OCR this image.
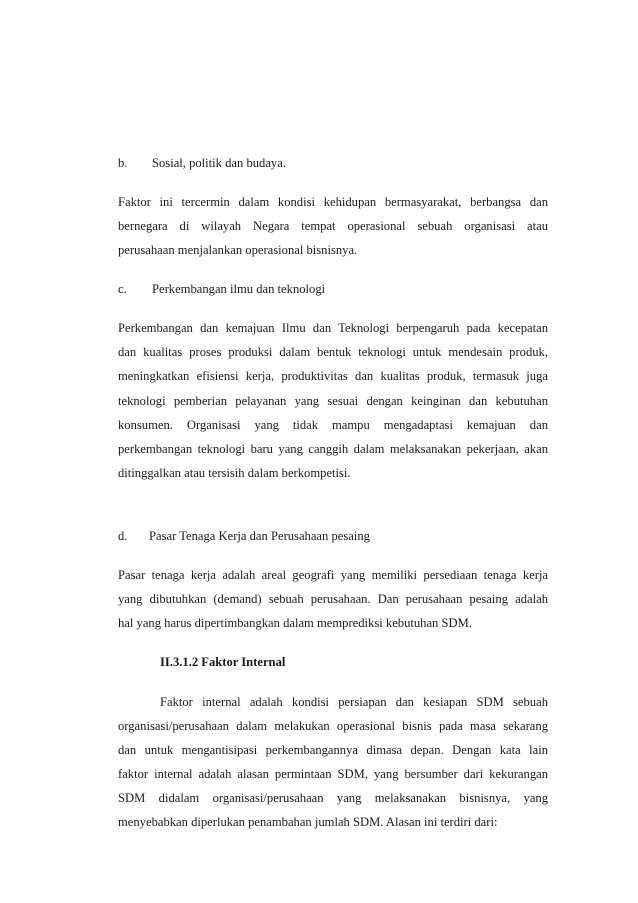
b. Sosial, politik dan budaya.
Faktor ini tercermin dalam kondisi kehidupan bermasyarakat, berbangsa dan
bernegara di wilayah Negara tempat operasional sebuah organisasi atau
perusahaan menjalankan operasional bisnisnya.
c. Perkembangan ilmu dan teknologi
Perkembangan dan kemajuan Ilmu dan Teknologi berpengaruh pada kecepatan
dan kualitas proses produksi dalam bentuk teknologi untuk mendesain produk,
meningkatkan efisiensi kerja, produktivitas dan kualitas produk, termasuk juga
teknologi pemberian pelayanan yang sesuai dengan keinginan dan kebutuhan
konsumen. Organisasi yang tidak mampu mengadaptasi kemajuan dan
perkembangan teknologi baru yang canggih dalam melaksanakan pekerjaan, akan
ditinggalkan atau tersisih dalam berkompetisi.
d. Pasar Tenaga Kerja dan Perusahaan pesaing
Pasar tenaga kerja adalah areal geografi yang memiliki persediaan tenaga kerja
yang dibutuhkan (demand) sebuah perusahaan. Dan perusahaan pesaing adalah
hal yang harus dipertimbangkan dalam memprediksi kebutuhan SDM.
II.3.1.2 Faktor Internal
Faktor internal adalah kondisi persiapan dan kesiapan SDM sebuah
organisasi/perusahaan dalam melakukan operasional bisnis pada masa sekarang
dan untuk mengantisipasi perkembangannya dimasa depan. Dengan kata lain
faktor internal adalah alasan permintaan SDM, yang bersumber dari kekurangan
SDM didalam organisasi/perusahaan yang melaksanakan bisnisnya, yang
menyebabkan diperlukan penambahan jumlah SDM. Alasan ini terdiri dari:
